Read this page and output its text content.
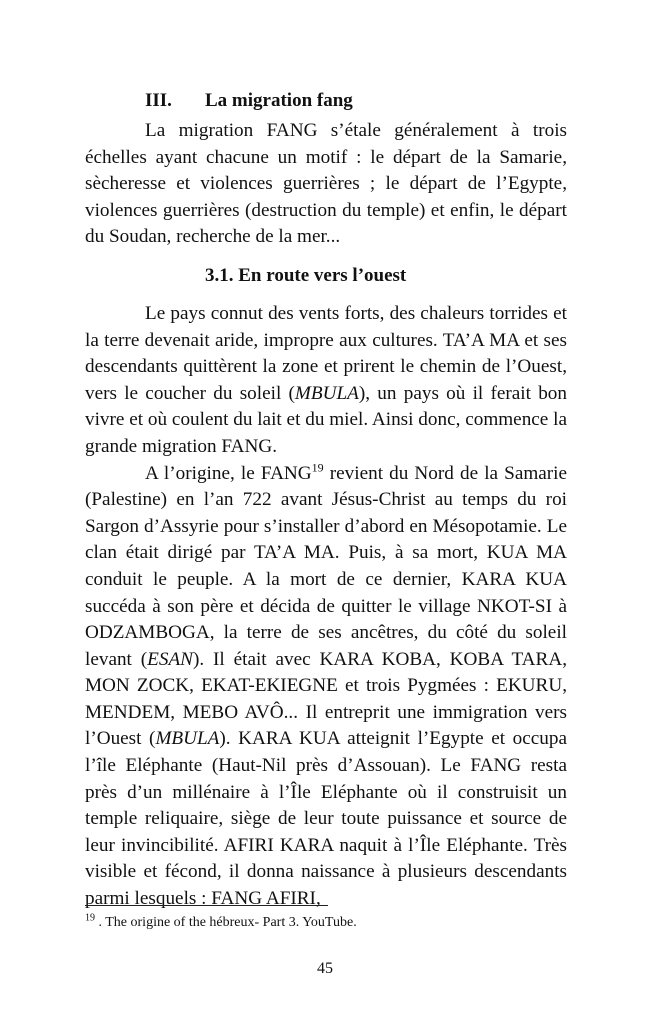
III. La migration fang

La migration FANG s’étale généralement à trois échelles ayant chacune un motif : le départ de la Samarie, sècheresse et violences guerrières ; le départ de l’Egypte, violences guerrières (destruction du temple) et enfin, le départ du Soudan, recherche de la mer...

3.1. En route vers l’ouest

Le pays connut des vents forts, des chaleurs torrides et la terre devenait aride, impropre aux cultures. TA’A MA et ses descendants quittèrent la zone et prirent le chemin de l’Ouest, vers le coucher du soleil (MBULA), un pays où il ferait bon vivre et où coulent du lait et du miel. Ainsi donc, commence la grande migration FANG.

A l’origine, le FANG$^{19}$ revient du Nord de la Samarie (Palestine) en l’an 722 avant Jésus-Christ au temps du roi Sargon d’Assyrie pour s’installer d’abord en Mésopotamie. Le clan était dirigé par TA’A MA. Puis, à sa mort, KUA MA conduit le peuple. A la mort de ce dernier, KARA KUA succéda à son père et décida de quitter le village NKOT-SI à ODZAMBOGA, la terre de ses ancêtres, du côté du soleil levant (ESAN). Il était avec KARA KOBA, KOBA TARA, MON ZOCK, EKAT-EKIEGNE et trois Pygmées : EKURU, MENDEM, MEBO AVÔ... Il entreprit une immigration vers l’Ouest (MBULA). KARA KUA atteignit l’Egypte et occupa l’île Eléphante (Haut-Nil près d’Assouan). Le FANG resta près d’un millénaire à l’Île Eléphante où il construisit un temple reliquaire, siège de leur toute puissance et source de leur invincibilité. AFIRI KARA naquit à l’Île Eléphante. Très visible et fécond, il donna naissance à plusieurs descendants parmi lesquels : FANG AFIRI,

$^{19}$ . The origine of the hébreux- Part 3. YouTube.
45
